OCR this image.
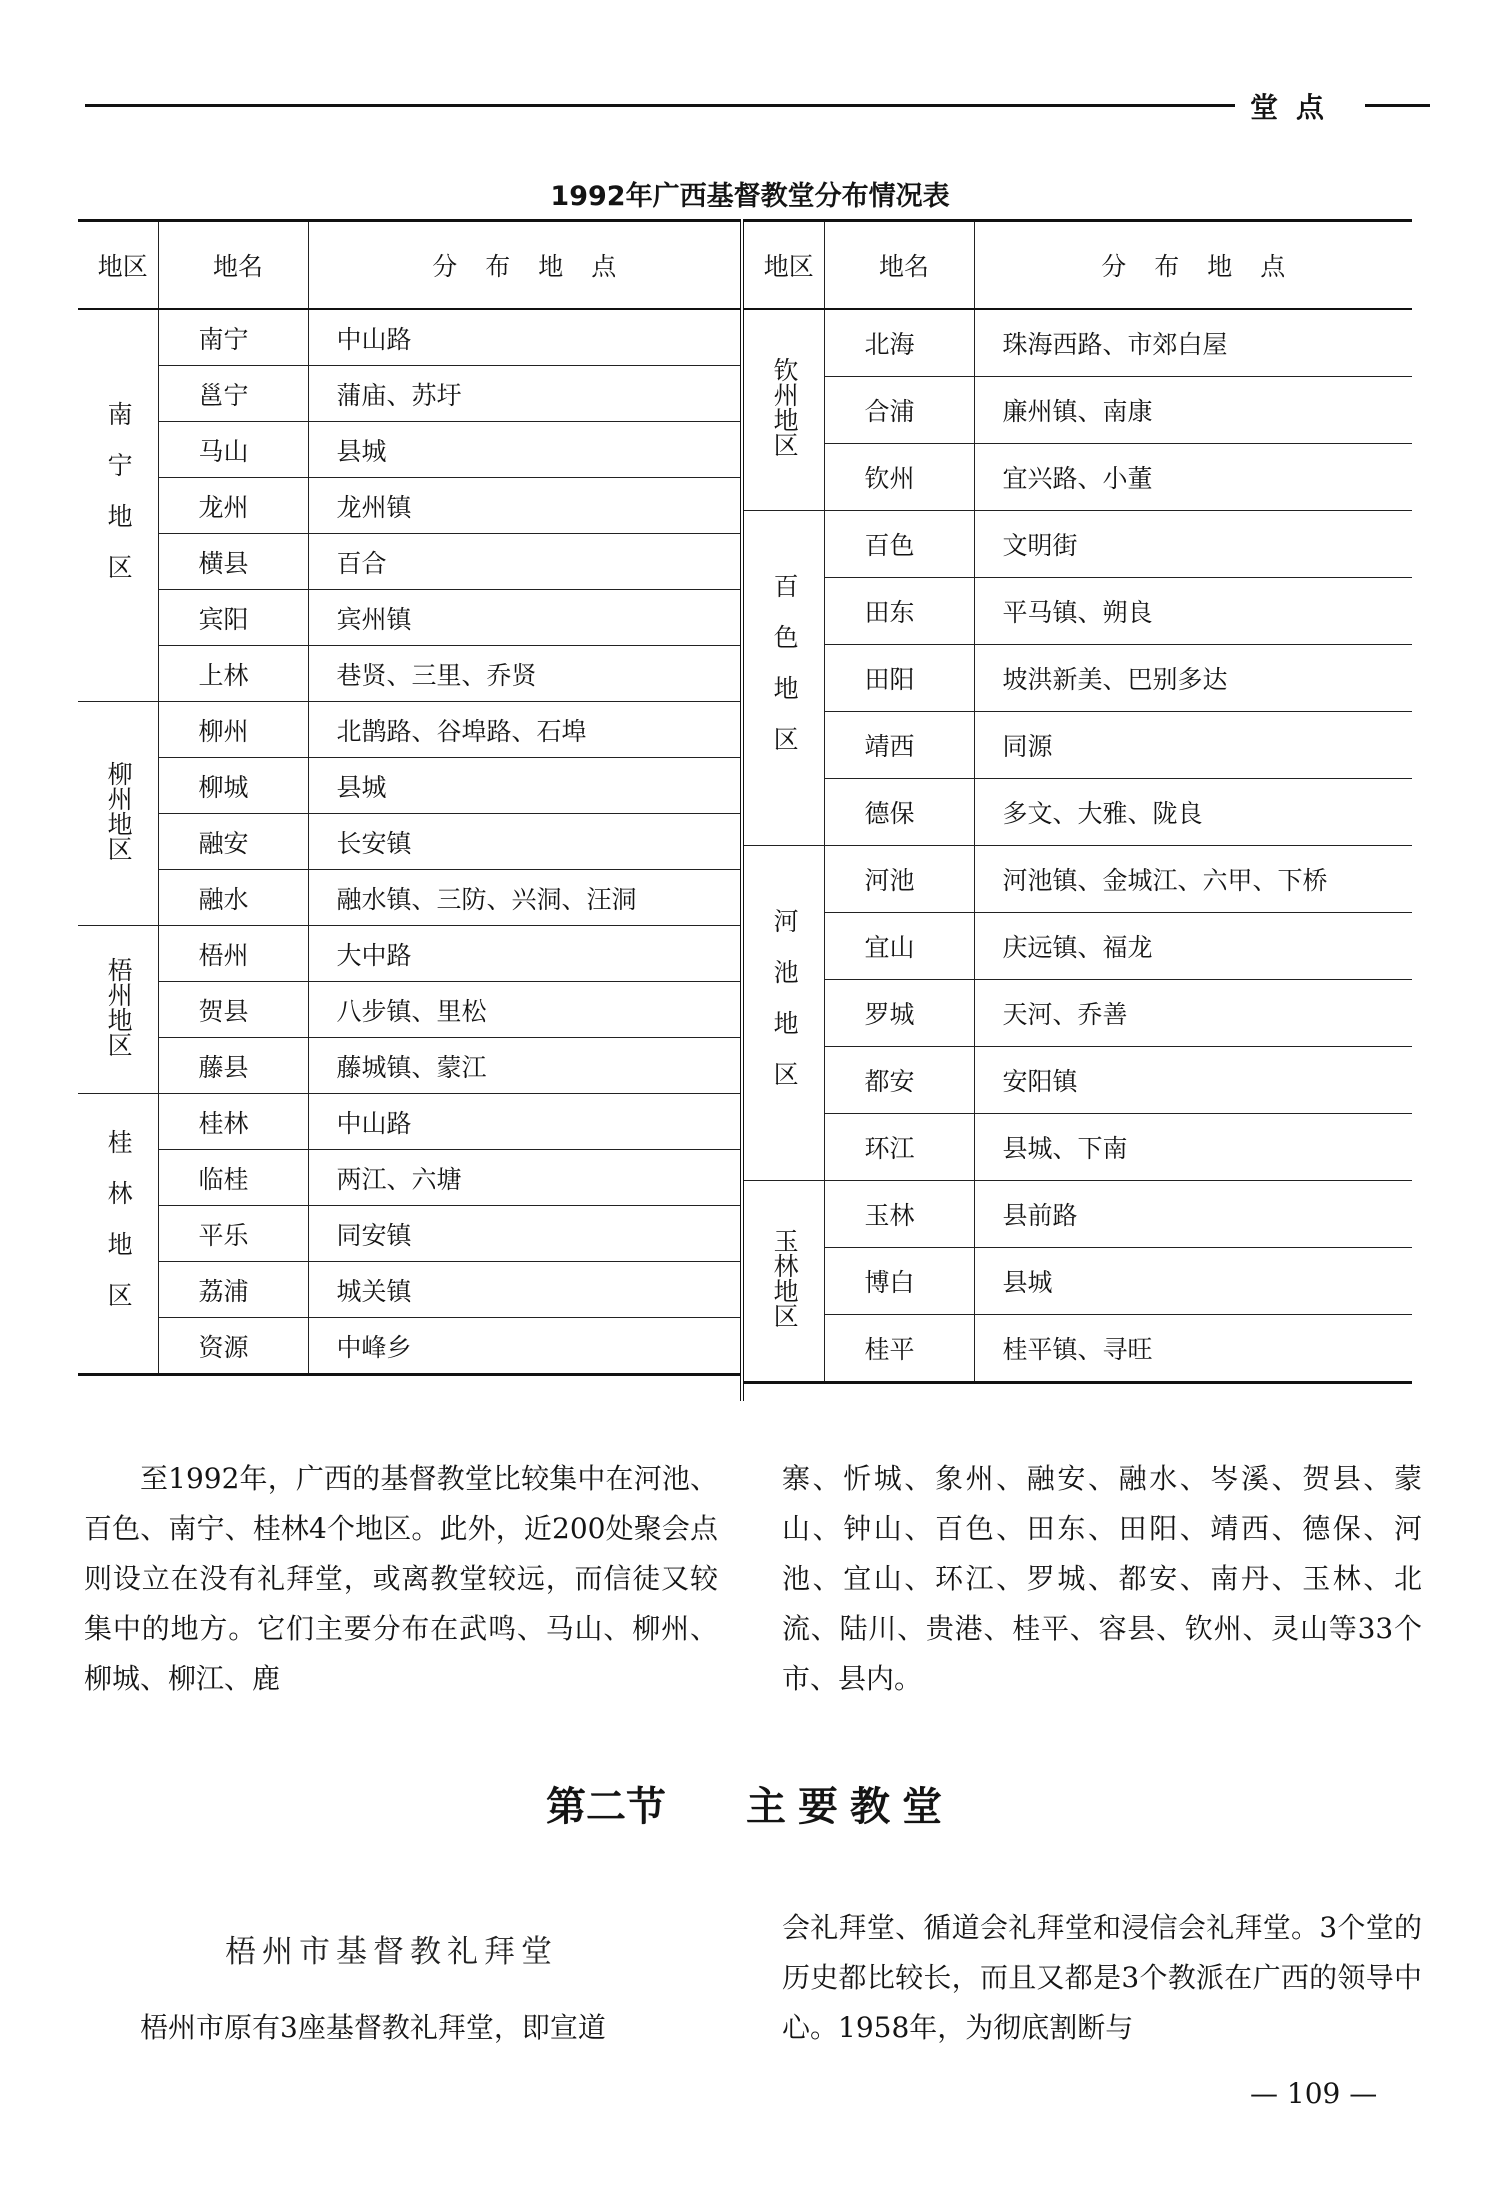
堂点
1992年广西基督教堂分布情况表
地区	地名	分布地点
南宁地区	南宁	中山路
	邕宁	蒲庙、苏圩
	马山	县城
	龙州	龙州镇
	横县	百合
	宾阳	宾州镇
	上林	巷贤、三里、乔贤
柳州地区	柳州	北鹊路、谷埠路、石埠
	柳城	县城
	融安	长安镇
	融水	融水镇、三防、兴洞、汪洞
梧州地区	梧州	大中路
	贺县	八步镇、里松
	藤县	藤城镇、蒙江
桂林地区	桂林	中山路
	临桂	两江、六塘
	平乐	同安镇
	荔浦	城关镇
	资源	中峰乡
地区	地名	分布地点
钦州地区	北海	珠海西路、市郊白屋
	合浦	廉州镇、南康
	钦州	宜兴路、小董
百色地区	百色	文明街
	田东	平马镇、朔良
	田阳	坡洪新美、巴别多达
	靖西	同源
	德保	多文、大雅、陇良
河池地区	河池	河池镇、金城江、六甲、下桥
	宜山	庆远镇、福龙
	罗城	天河、乔善
	都安	安阳镇
	环江	县城、下南
玉林地区	玉林	县前路
	博白	县城
	桂平	桂平镇、寻旺
至1992年，广西的基督教堂比较集中在河池、百色、南宁、桂林4个地区。此外，近200处聚会点则设立在没有礼拜堂，或离教堂较远，而信徒又较集中的地方。它们主要分布在武鸣、马山、柳州、柳城、柳江、鹿
寨、忻城、象州、融安、融水、岑溪、贺县、蒙山、钟山、百色、田东、田阳、靖西、德保、河池、宜山、环江、罗城、都安、南丹、玉林、北流、陆川、贵港、桂平、容县、钦州、灵山等33个市、县内。
第二节 主要教堂
梧州市基督教礼拜堂
梧州市原有3座基督教礼拜堂，即宣道
会礼拜堂、循道会礼拜堂和浸信会礼拜堂。3个堂的历史都比较长，而且又都是3个教派在广西的领导中心。1958年，为彻底割断与
— 109 —
